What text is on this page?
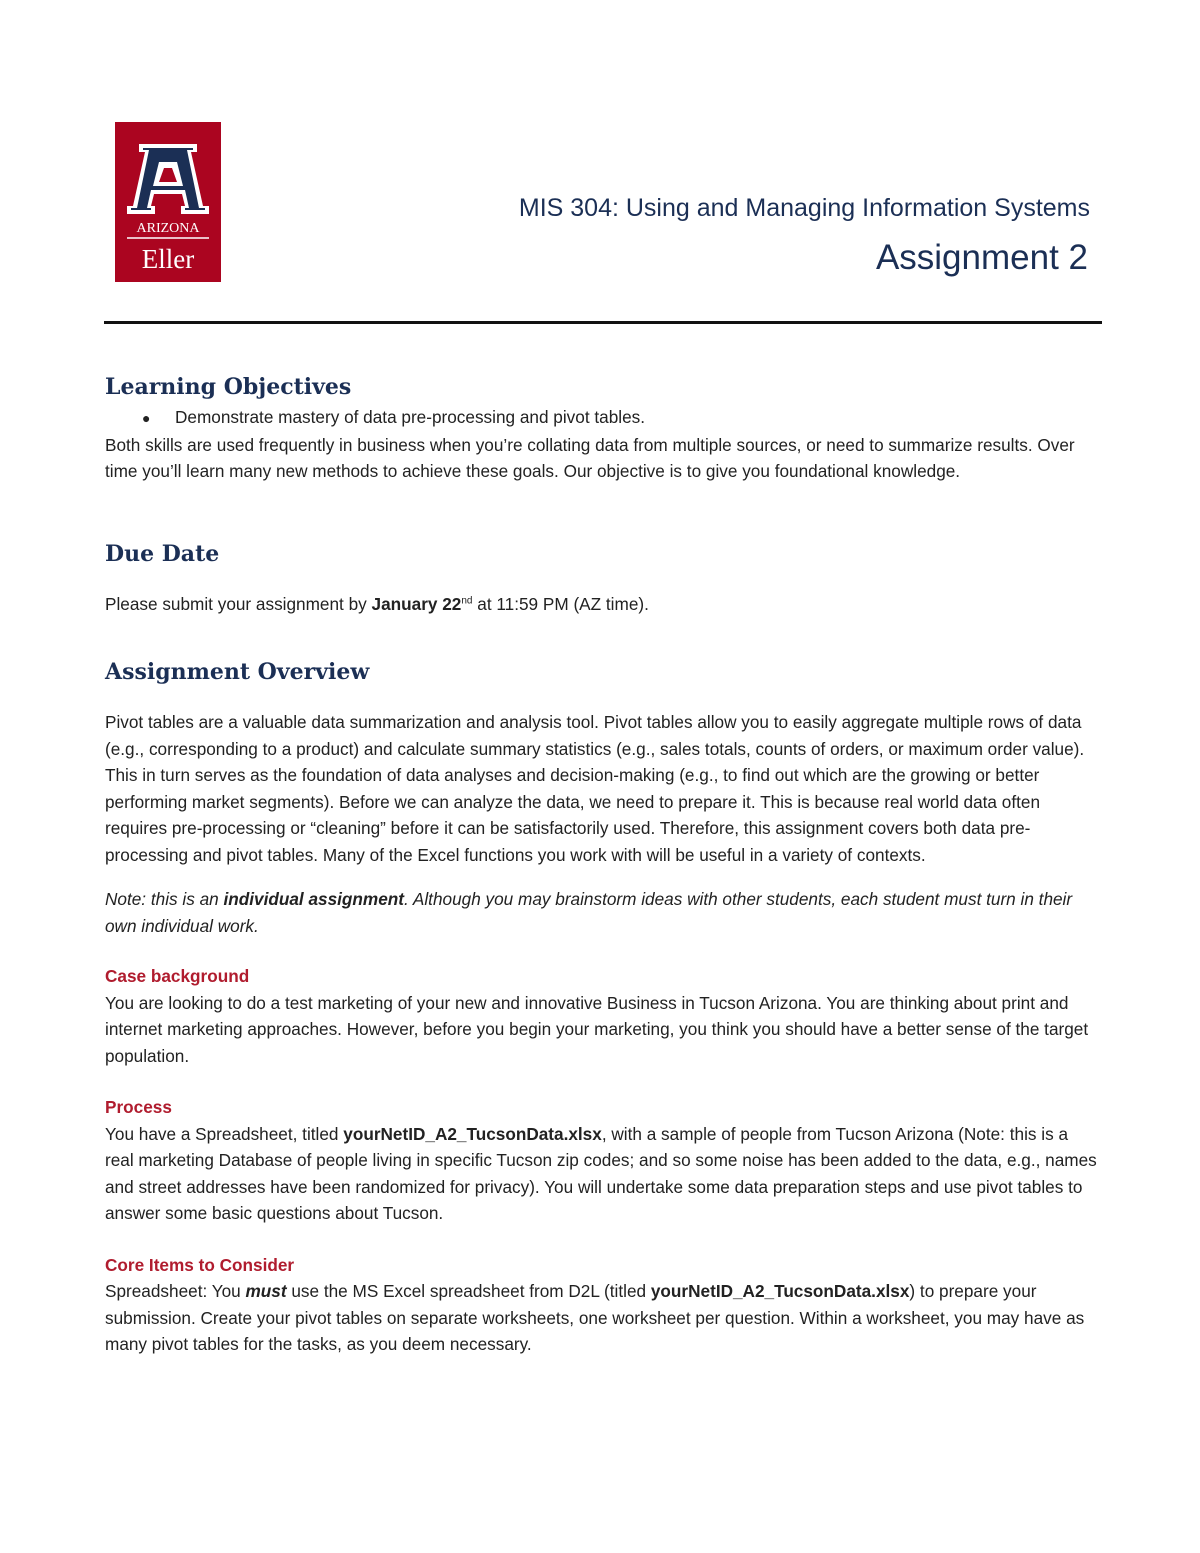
ARIZONA
Eller
MIS 304: Using and Managing Information Systems
Assignment 2
Learning Objectives
●	Demonstrate mastery of data pre-processing and pivot tables.

Both skills are used frequently in business when you’re collating data from multiple sources, or need to summarize results. Over time you’ll learn many new methods to achieve these goals. Our objective is to give you foundational knowledge.

Due Date

Please submit your assignment by January 22nd at 11:59 PM (AZ time).

Assignment Overview

Pivot tables are a valuable data summarization and analysis tool. Pivot tables allow you to easily aggregate multiple rows of data (e.g., corresponding to a product) and calculate summary statistics (e.g., sales totals, counts of orders, or maximum order value). This in turn serves as the foundation of data analyses and decision-making (e.g., to find out which are the growing or better performing market segments). Before we can analyze the data, we need to prepare it. This is because real world data often requires pre-processing or “cleaning” before it can be satisfactorily used. Therefore, this assignment covers both data pre-processing and pivot tables. Many of the Excel functions you work with will be useful in a variety of contexts.

Note: this is an individual assignment. Although you may brainstorm ideas with other students, each student must turn in their own individual work.

Case background

You are looking to do a test marketing of your new and innovative Business in Tucson Arizona. You are thinking about print and internet marketing approaches. However, before you begin your marketing, you think you should have a better sense of the target population.

Process

You have a Spreadsheet, titled yourNetID_A2_TucsonData.xlsx, with a sample of people from Tucson Arizona (Note: this is a real marketing Database of people living in specific Tucson zip codes; and so some noise has been added to the data, e.g., names and street addresses have been randomized for privacy). You will undertake some data preparation steps and use pivot tables to answer some basic questions about Tucson.

Core Items to Consider

Spreadsheet: You must use the MS Excel spreadsheet from D2L (titled yourNetID_A2_TucsonData.xlsx) to prepare your submission. Create your pivot tables on separate worksheets, one worksheet per question. Within a worksheet, you may have as many pivot tables for the tasks, as you deem necessary.
